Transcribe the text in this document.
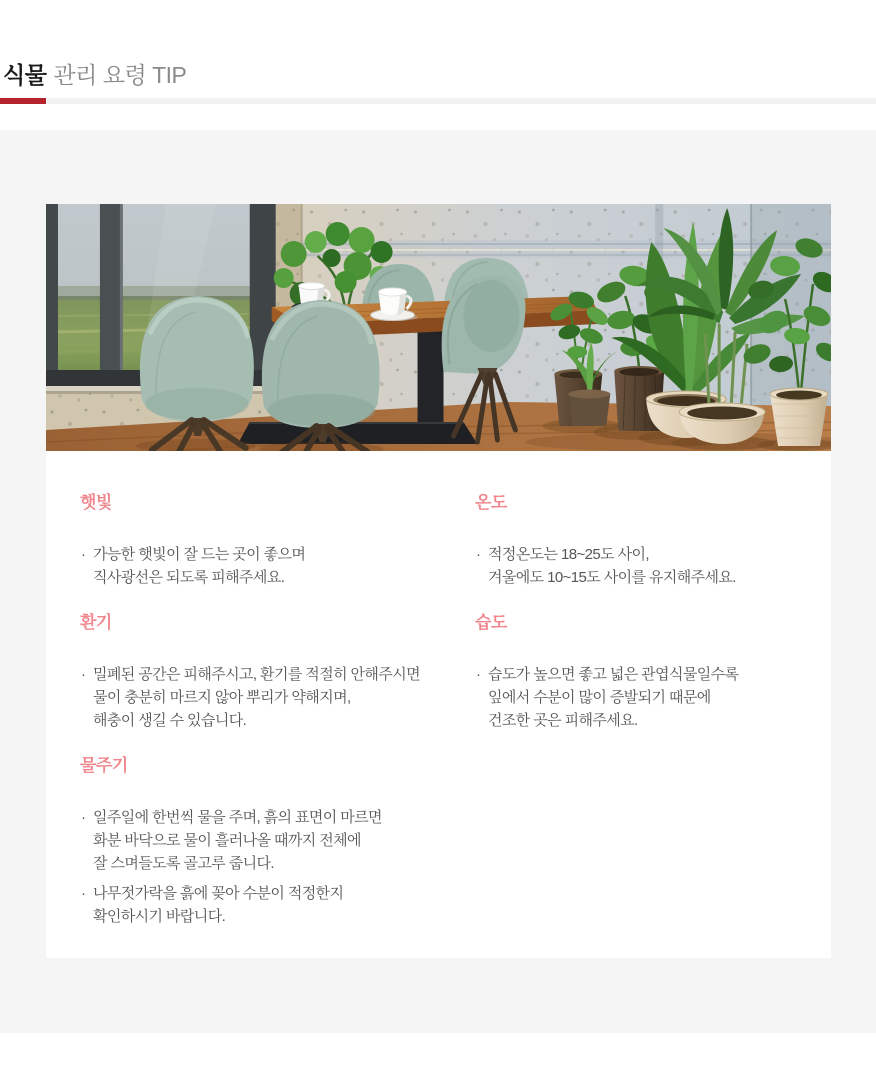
식물 관리 요령 TIP
햇빛
· 가능한 햇빛이 잘 드는 곳이 좋으며
직사광선은 되도록 피해주세요.
환기
· 밀폐된 공간은 피해주시고, 환기를 적절히 안해주시면
물이 충분히 마르지 않아 뿌리가 약해지며,
해충이 생길 수 있습니다.
물주기
· 일주일에 한번씩 물을 주며, 흙의 표면이 마르면
화분 바닥으로 물이 흘러나올 때까지 전체에
잘 스며들도록 골고루 줍니다.
· 나무젓가락을 흙에 꽂아 수분이 적정한지
확인하시기 바랍니다.
온도
· 적정온도는 18~25도 사이,
겨울에도 10~15도 사이를 유지해주세요.
습도
· 습도가 높으면 좋고 넓은 관엽식물일수록
잎에서 수분이 많이 증발되기 때문에
건조한 곳은 피해주세요.
